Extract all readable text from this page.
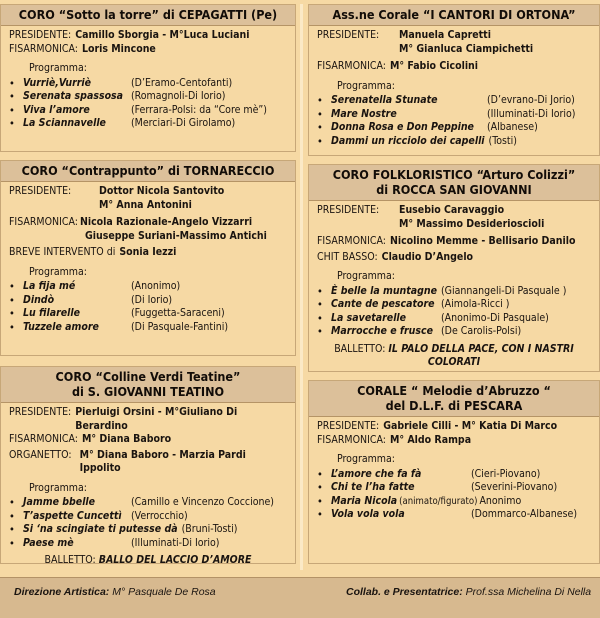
CORO “Sotto la torre” di CEPAGATTI (Pe)
PRESIDENTE: Camillo Sborgia - M°Luca Luciani
FISARMONICA: Loris Mincone
Programma:
• Vurriè,Vurriè	(D’Eramo-Centofanti)
• Serenata spassosa (Romagnoli-Di Iorio)
• Viva l’amore	(Ferrara-Polsi: da “Core mè”)
• La Sciannavelle	(Merciari-Di Girolamo)
CORO “Contrappunto” di TORNARECCIO
PRESIDENTE:	Dottor Nicola Santovito
M° Anna Antonini
FISARMONICA: Nicola Razionale-Angelo Vizzarri
Giuseppe Suriani-Massimo Antichi
BREVE INTERVENTO di Sonia Iezzi
Programma:
• La fija mé	(Anonimo)
• Dindò	(Di Iorio)
• Lu filarelle	(Fuggetta-Saraceni)
• Tuzzele amore	(Di Pasquale-Fantini)
CORO “Colline Verdi Teatine”
di S. GIOVANNI TEATINO
PRESIDENTE: Pierluigi Orsini - M°Giuliano Di Berardino
FISARMONICA: M° Diana Baboro
ORGANETTO: M° Diana Baboro - Marzia Pardi Ippolito
Programma:
• Jamme bbelle	(Camillo e Vincenzo Coccione)
• T’aspette Cuncettì (Verrocchio)
• Si ‘na scingiate ti putesse dà (Bruni-Tosti)
• Paese mè	(Illuminati-Di Iorio)
BALLETTO: BALLO DEL LACCIO D’AMORE
Ass.ne Corale “I CANTORI DI ORTONA”
PRESIDENTE:	Manuela Capretti
M° Gianluca Ciampichetti
FISARMONICA: M° Fabio Cicolini
Programma:
• Serenatella Stunate	(D’evrano-Di Jorio)
• Mare Nostre	(Illuminati-Di Iorio)
• Donna Rosa e Don Peppine	(Albanese)
• Dammi un ricciolo dei capelli (Tosti)
CORO FOLKLORISTICO “Arturo Colizzi”
di ROCCA SAN GIOVANNI
PRESIDENTE:	Eusebio Caravaggio
M° Massimo Desiderioscioli
FISARMONICA: Nicolino Memme - Bellisario Danilo
CHIT BASSO: Claudio D’Angelo
Programma:
• È belle la muntagne (Giannangeli-Di Pasquale )
• Cante de pescatore (Aimola-Ricci )
• La savetarelle	(Anonimo-Di Pasquale)
• Marrocche e frusce (De Carolis-Polsi)
BALLETTO: IL PALO DELLA PACE, CON I NASTRI COLORATI
CORALE “ Melodie d’Abruzzo “
del D.L.F. di PESCARA
PRESIDENTE: Gabriele Cilli - M° Katia Di Marco
FISARMONICA: M° Aldo Rampa
Programma:
• L’amore che fa fà	(Cieri-Piovano)
• Chi te l’ha fatte	(Severini-Piovano)
• Maria Nicola (animato/figurato) Anonimo
• Vola vola vola	(Dommarco-Albanese)
Direzione Artistica: M° Pasquale De Rosa	Collab. e Presentatrice: Prof.ssa Michelina Di Nella
